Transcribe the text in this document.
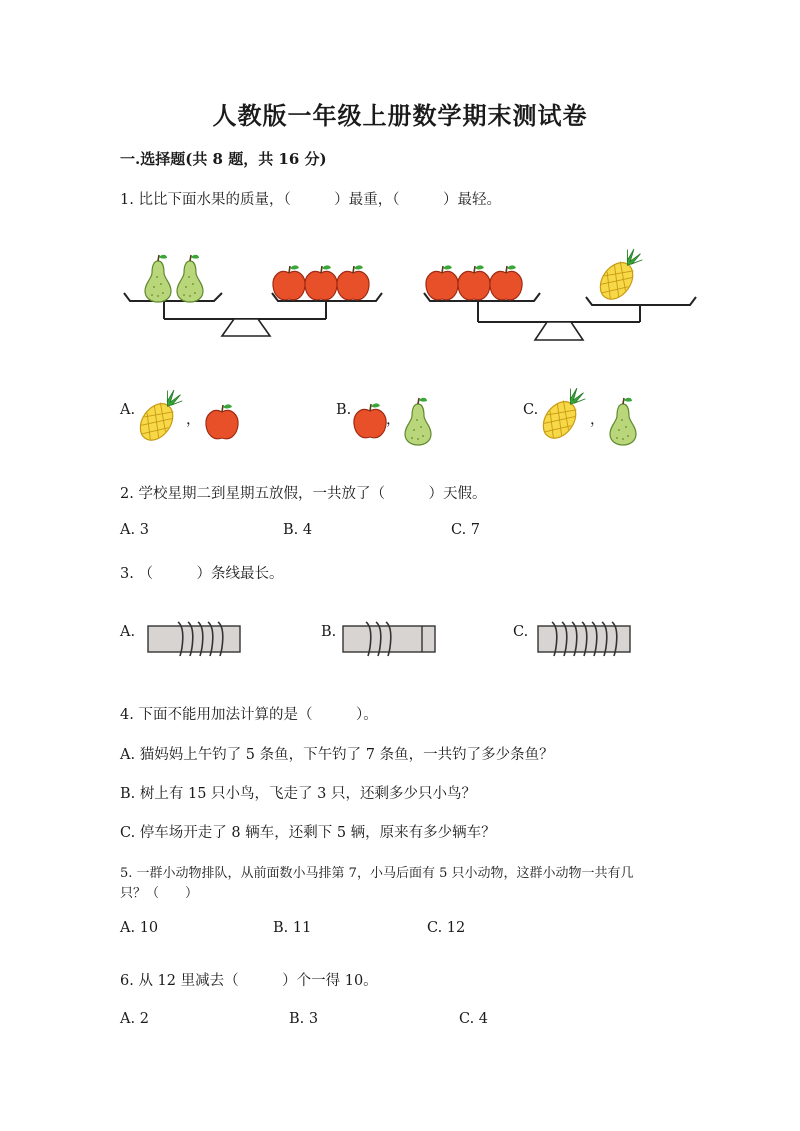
人教版一年级上册数学期末测试卷
一.选择题(共 8 题，共 16 分)
1. 比比下面水果的质量，（　　　）最重，（　　　）最轻。
A.
，
B.
，
C.
，
2. 学校星期二到星期五放假，一共放了（　　　）天假。
A. 3	B. 4	C. 7
3. （　　　）条线最长。
A.	B.	C.
4. 下面不能用加法计算的是（　　　）。
A. 猫妈妈上午钓了 5 条鱼，下午钓了 7 条鱼，一共钓了多少条鱼？
B. 树上有 15 只小鸟，飞走了 3 只，还剩多少只小鸟？
C. 停车场开走了 8 辆车，还剩下 5 辆，原来有多少辆车？
5. 一群小动物排队，从前面数小马排第 7，小马后面有 5 只小动物，这群小动物一共有几
只？（　　）
A. 10	B. 11	C. 12
6. 从 12 里减去（　　　）个一得 10。
A. 2	B. 3	C. 4
